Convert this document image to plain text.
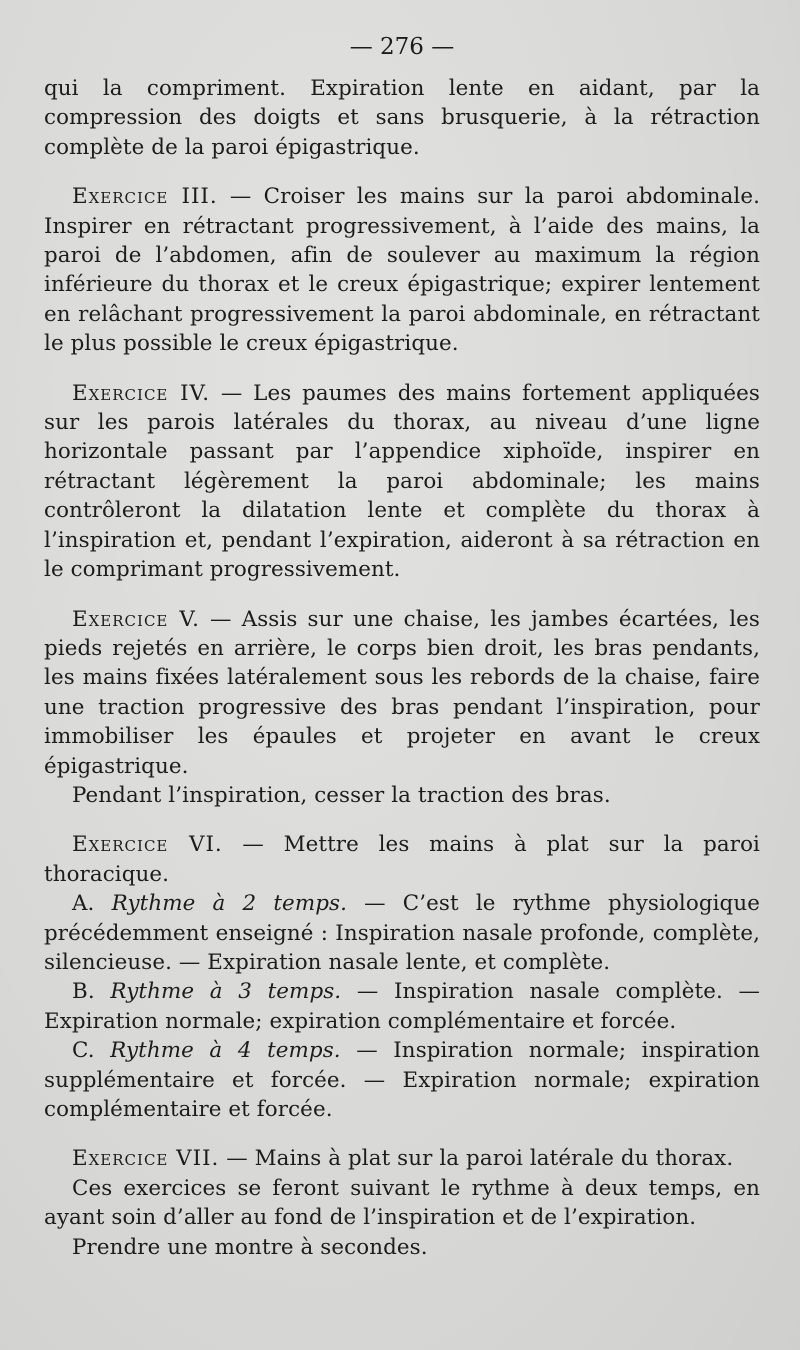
— 276 —

qui la compriment. Expiration lente en aidant, par la compression des doigts et sans brusquerie, à la rétraction complète de la paroi épigastrique.

Exercice III. — Croiser les mains sur la paroi abdominale. Inspirer en rétractant progressivement, à l’aide des mains, la paroi de l’abdomen, afin de soulever au maximum la région inférieure du thorax et le creux épigastrique; expirer lentement en relâchant progressivement la paroi abdominale, en rétractant le plus possible le creux épigastrique.

Exercice IV. — Les paumes des mains fortement appliquées sur les parois latérales du thorax, au niveau d’une ligne horizontale passant par l’appendice xiphoïde, inspirer en rétractant légèrement la paroi abdominale; les mains contrôleront la dilatation lente et complète du thorax à l’inspiration et, pendant l’expiration, aideront à sa rétraction en le comprimant progressivement.

Exercice V. — Assis sur une chaise, les jambes écartées, les pieds rejetés en arrière, le corps bien droit, les bras pendants, les mains fixées latéralement sous les rebords de la chaise, faire une traction progressive des bras pendant l’inspiration, pour immobiliser les épaules et projeter en avant le creux épigastrique.

Pendant l’inspiration, cesser la traction des bras.

Exercice VI. — Mettre les mains à plat sur la paroi thoracique.

A. Rythme à 2 temps. — C’est le rythme physiologique précédemment enseigné : Inspiration nasale profonde, complète, silencieuse. — Expiration nasale lente, et complète.

B. Rythme à 3 temps. — Inspiration nasale complète. — Expiration normale; expiration complémentaire et forcée.

C. Rythme à 4 temps. — Inspiration normale; inspiration supplémentaire et forcée. — Expiration normale; expiration complémentaire et forcée.

Exercice VII. — Mains à plat sur la paroi latérale du thorax.

Ces exercices se feront suivant le rythme à deux temps, en ayant soin d’aller au fond de l’inspiration et de l’expiration.

Prendre une montre à secondes.
